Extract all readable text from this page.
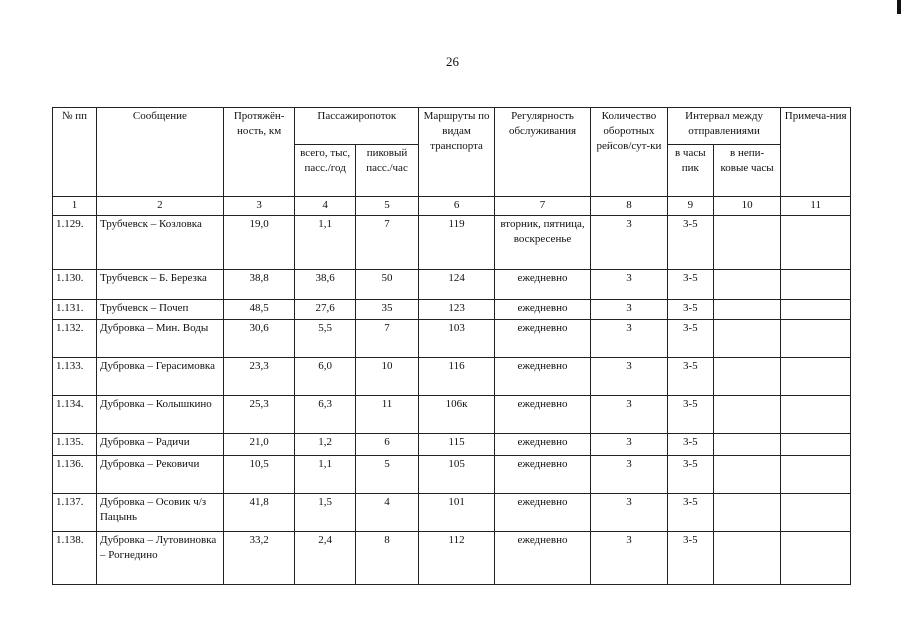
26
№ пп	Сообщение	Протяжён-ность, км	Пассажиропоток		Маршруты по видам транспорта	Регулярность обслуживания	Количество оборотных рейсов/сут-ки	Интервал между отправлениями		Примеча-ния
			всего, тыс, пасс./год	пиковый пасс./час				в часы пик	в непи-ковые часы	
1	2	3	4	5	6	7	8	9	10	11
1.129.	Трубчевск – Козловка	19,0	1,1	7	119	вторник, пятница, воскресенье	3	3-5		
1.130.	Трубчевск – Б. Березка	38,8	38,6	50	124	ежедневно	3	3-5		
1.131.	Трубчевск – Почеп	48,5	27,6	35	123	ежедневно	3	3-5		
1.132.	Дубровка – Мин. Воды	30,6	5,5	7	103	ежедневно	3	3-5		
1.133.	Дубровка – Герасимовка	23,3	6,0	10	116	ежедневно	3	3-5		
1.134.	Дубровка – Колышкино	25,3	6,3	11	106к	ежедневно	3	3-5		
1.135.	Дубровка – Радичи	21,0	1,2	6	115	ежедневно	3	3-5		
1.136.	Дубровка – Рековичи	10,5	1,1	5	105	ежедневно	3	3-5		
1.137.	Дубровка – Осовик ч/з Пацынь	41,8	1,5	4	101	ежедневно	3	3-5		
1.138.	Дубровка – Лутовиновка – Рогнедино	33,2	2,4	8	112	ежедневно	3	3-5		
